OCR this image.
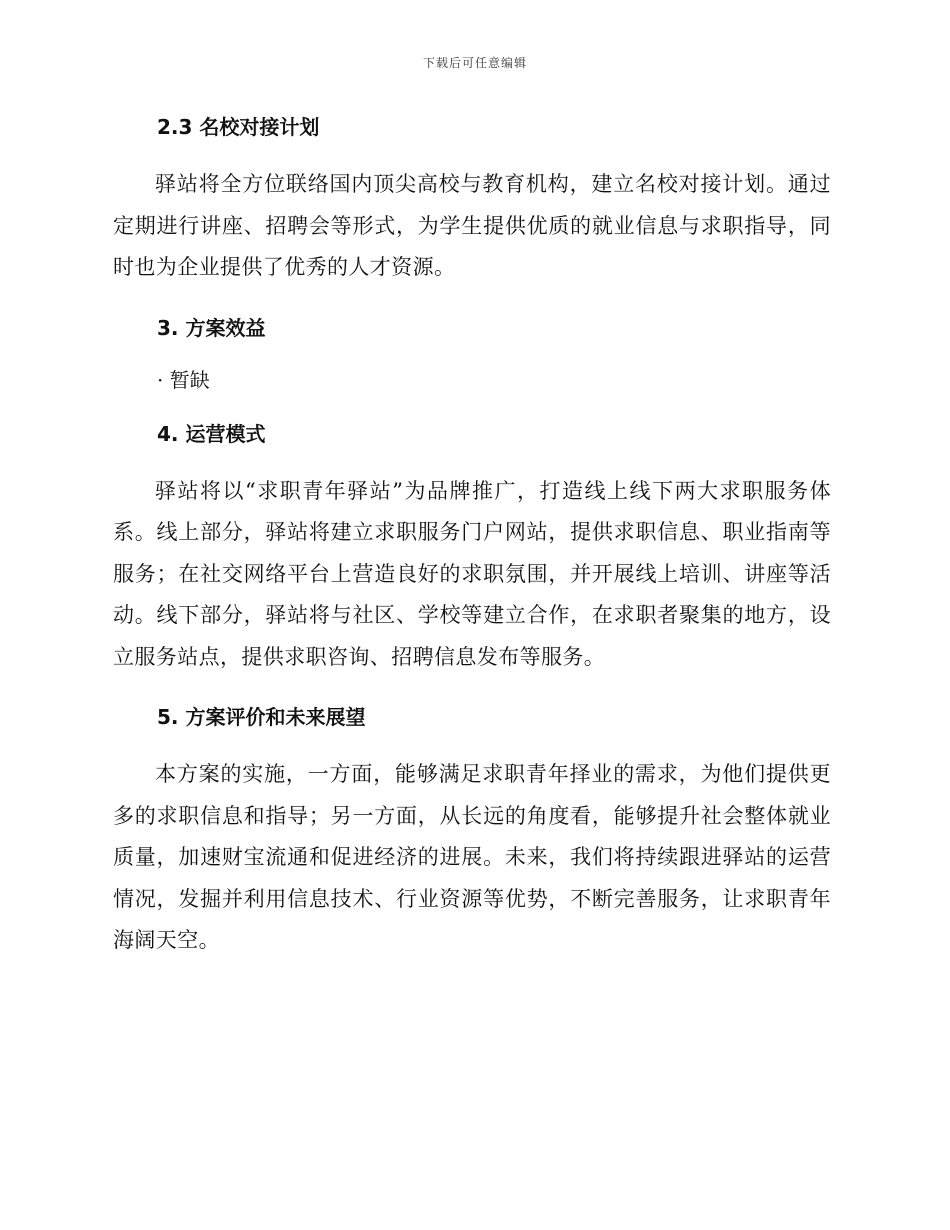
下载后可任意编辑
2.3 名校对接计划

驿站将全方位联络国内顶尖高校与教育机构，建立名校对接计划。通过定期进行讲座、招聘会等形式，为学生提供优质的就业信息与求职指导，同时也为企业提供了优秀的人才资源。

3. 方案效益
· 暂缺
4. 运营模式

驿站将以“求职青年驿站”为品牌推广，打造线上线下两大求职服务体系。线上部分，驿站将建立求职服务门户网站，提供求职信息、职业指南等服务；在社交网络平台上营造良好的求职氛围，并开展线上培训、讲座等活动。线下部分，驿站将与社区、学校等建立合作，在求职者聚集的地方，设立服务站点，提供求职咨询、招聘信息发布等服务。

5. 方案评价和未来展望

本方案的实施，一方面，能够满足求职青年择业的需求，为他们提供更多的求职信息和指导；另一方面，从长远的角度看，能够提升社会整体就业质量，加速财宝流通和促进经济的进展。未来，我们将持续跟进驿站的运营情况，发掘并利用信息技术、行业资源等优势，不断完善服务，让求职青年海阔天空。
